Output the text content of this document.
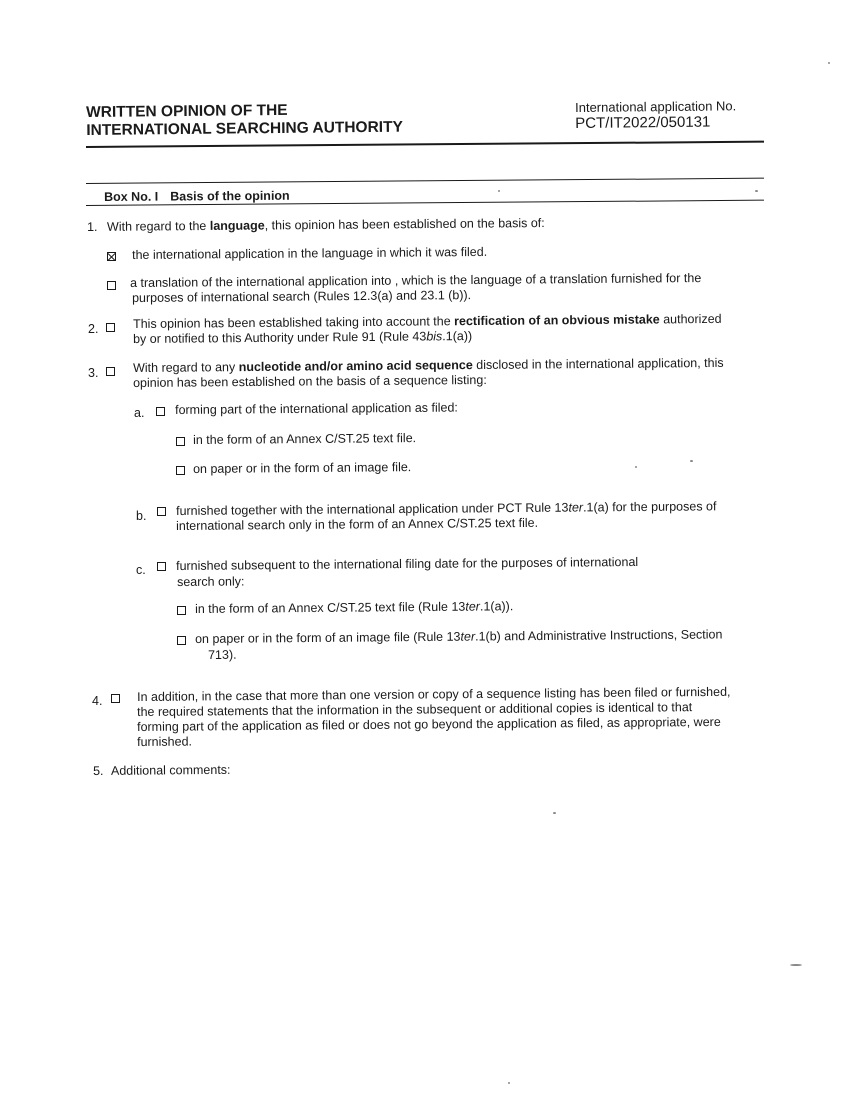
WRITTEN OPINION OF THE
INTERNATIONAL SEARCHING AUTHORITY
International application No.
PCT/IT2022/050131
Box No. I Basis of the opinion
1. With regard to the language, this opinion has been established on the basis of:
the international application in the language in which it was filed.
a translation of the international application into , which is the language of a translation furnished for the
purposes of international search (Rules 12.3(a) and 23.1 (b)).
2.	This opinion has been established taking into account the rectification of an obvious mistake authorized
by or notified to this Authority under Rule 91 (Rule 43bis.1(a))
3.	With regard to any nucleotide and/or amino acid sequence disclosed in the international application, this
opinion has been established on the basis of a sequence listing:
a. forming part of the international application as filed:
in the form of an Annex C/ST.25 text file.
on paper or in the form of an image file.
b. furnished together with the international application under PCT Rule 13ter.1(a) for the purposes of
international search only in the form of an Annex C/ST.25 text file.
c. furnished subsequent to the international filing date for the purposes of international
search only:
in the form of an Annex C/ST.25 text file (Rule 13ter.1(a)).
on paper or in the form of an image file (Rule 13ter.1(b) and Administrative Instructions, Section
713).
4.	In addition, in the case that more than one version or copy of a sequence listing has been filed or furnished,
the required statements that the information in the subsequent or additional copies is identical to that
forming part of the application as filed or does not go beyond the application as filed, as appropriate, were
furnished.
5. Additional comments:
